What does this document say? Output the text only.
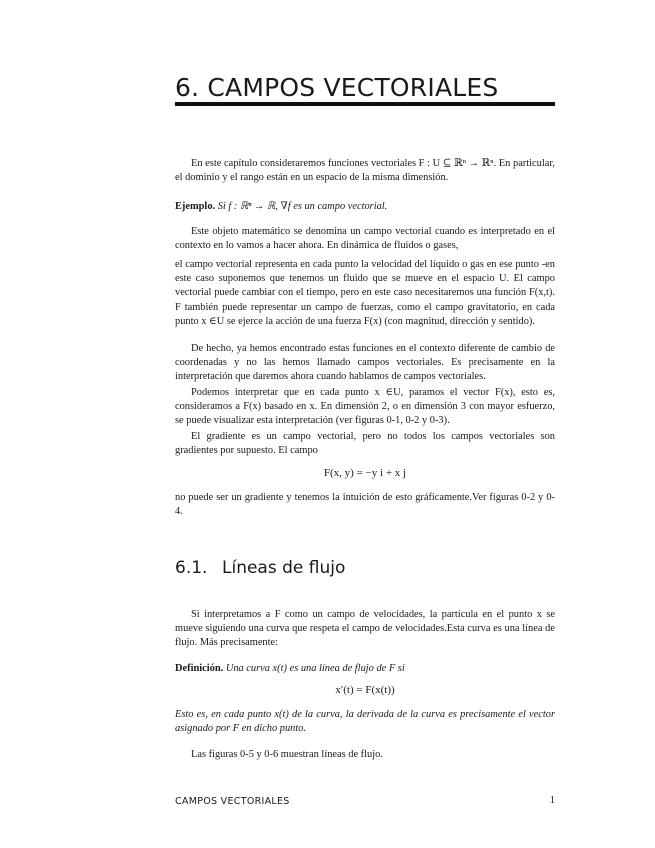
6. CAMPOS VECTORIALES

En este capítulo consideraremos funciones vectoriales F : U ⊆ ℝⁿ → ℝⁿ. En particular, el dominio y el rango están en un espacio de la misma dimensión.

Ejemplo. Si f : ℝⁿ → ℝ, ∇f es un campo vectorial.

Este objeto matemático se denomina un campo vectorial cuando es interpretado en el contexto en lo vamos a hacer ahora. En dinámica de fluidos o gases,

el campo vectorial representa en cada punto la velocidad del líquido o gas en ese punto -en este caso suponemos que tenemos un fluido que se mueve en el espacio U. El campo vectorial puede cambiar con el tiempo, pero en este caso necesitaremos una función F(x,t). F también puede representar un campo de fuerzas, como el campo gravitatorio, en cada punto x ∈U se ejerce la acción de una fuerza F(x) (con magnitud, dirección y sentido).

De hecho, ya hemos encontrado estas funciones en el contexto diferente de cambio de coordenadas y no las hemos llamado campos vectoriales. Es precisamente en la interpretación que daremos ahora cuando hablamos de campos vectoriales.

Podemos interpretar que en cada punto x ∈U, paramos el vector F(x), esto es, consideramos a F(x) basado en x. En dimensión 2, o en dimensión 3 con mayor esfuerzo, se puede visualizar esta interpretación (ver figuras 0-1, 0-2 y 0-3).

El gradiente es un campo vectorial, pero no todos los campos vectoriales son gradientes por supuesto. El campo

F(x, y) = −y i + x j

no puede ser un gradiente y tenemos la intuición de esto gráficamente.Ver figuras 0-2 y 0-4.

6.1. Líneas de flujo

Si interpretamos a F como un campo de velocidades, la partícula en el punto x se mueve siguiendo una curva que respeta el campo de velocidades.Esta curva es una línea de flujo. Más precisamente:

Definición. Una curva x(t) es una línea de flujo de F si

x′(t) = F(x(t))

Esto es, en cada punto x(t) de la curva, la derivada de la curva es precisamente el vector asignado por F en dicho punto.

Las figuras 0-5 y 0-6 muestran líneas de flujo.

CAMPOS VECTORIALES	1
